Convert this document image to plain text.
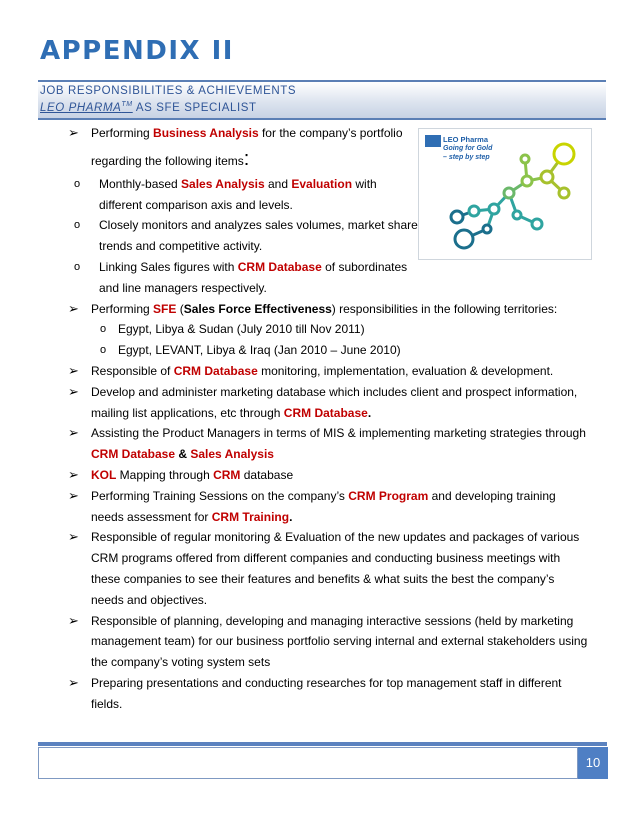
APPENDIX II
JOB RESPONSIBILITIES & ACHIEVEMENTS
LEO PHARMA™ AS SFE SPECIALIST
LEO Pharma
Going for Gold
– step by step
➢ Performing Business Analysis for the company’s portfolio
regarding the following items:
o Monthly-based Sales Analysis and Evaluation with
different comparison axis and levels.
o Closely monitors and analyzes sales volumes, market share
trends and competitive activity.
o Linking Sales figures with CRM Database of subordinates
and line managers respectively.
➢ Performing SFE (Sales Force Effectiveness) responsibilities in the following territories:
o Egypt, Libya & Sudan (July 2010 till Nov 2011)
o Egypt, LEVANT, Libya & Iraq (Jan 2010 – June 2010)
➢ Responsible of CRM Database monitoring, implementation, evaluation & development.
➢ Develop and administer marketing database which includes client and prospect information,
mailing list applications, etc through CRM Database.
➢ Assisting the Product Managers in terms of MIS & implementing marketing strategies through
CRM Database & Sales Analysis
➢ KOL Mapping through CRM database
➢ Performing Training Sessions on the company’s CRM Program and developing training
needs assessment for CRM Training.
➢ Responsible of regular monitoring & Evaluation of the new updates and packages of various
CRM programs offered from different companies and conducting business meetings with
these companies to see their features and benefits & what suits the best the company’s
needs and objectives.
➢ Responsible of planning, developing and managing interactive sessions (held by marketing
management team) for our business portfolio serving internal and external stakeholders using
the company’s voting system sets
➢ Preparing presentations and conducting researches for top management staff in different
fields.
10
